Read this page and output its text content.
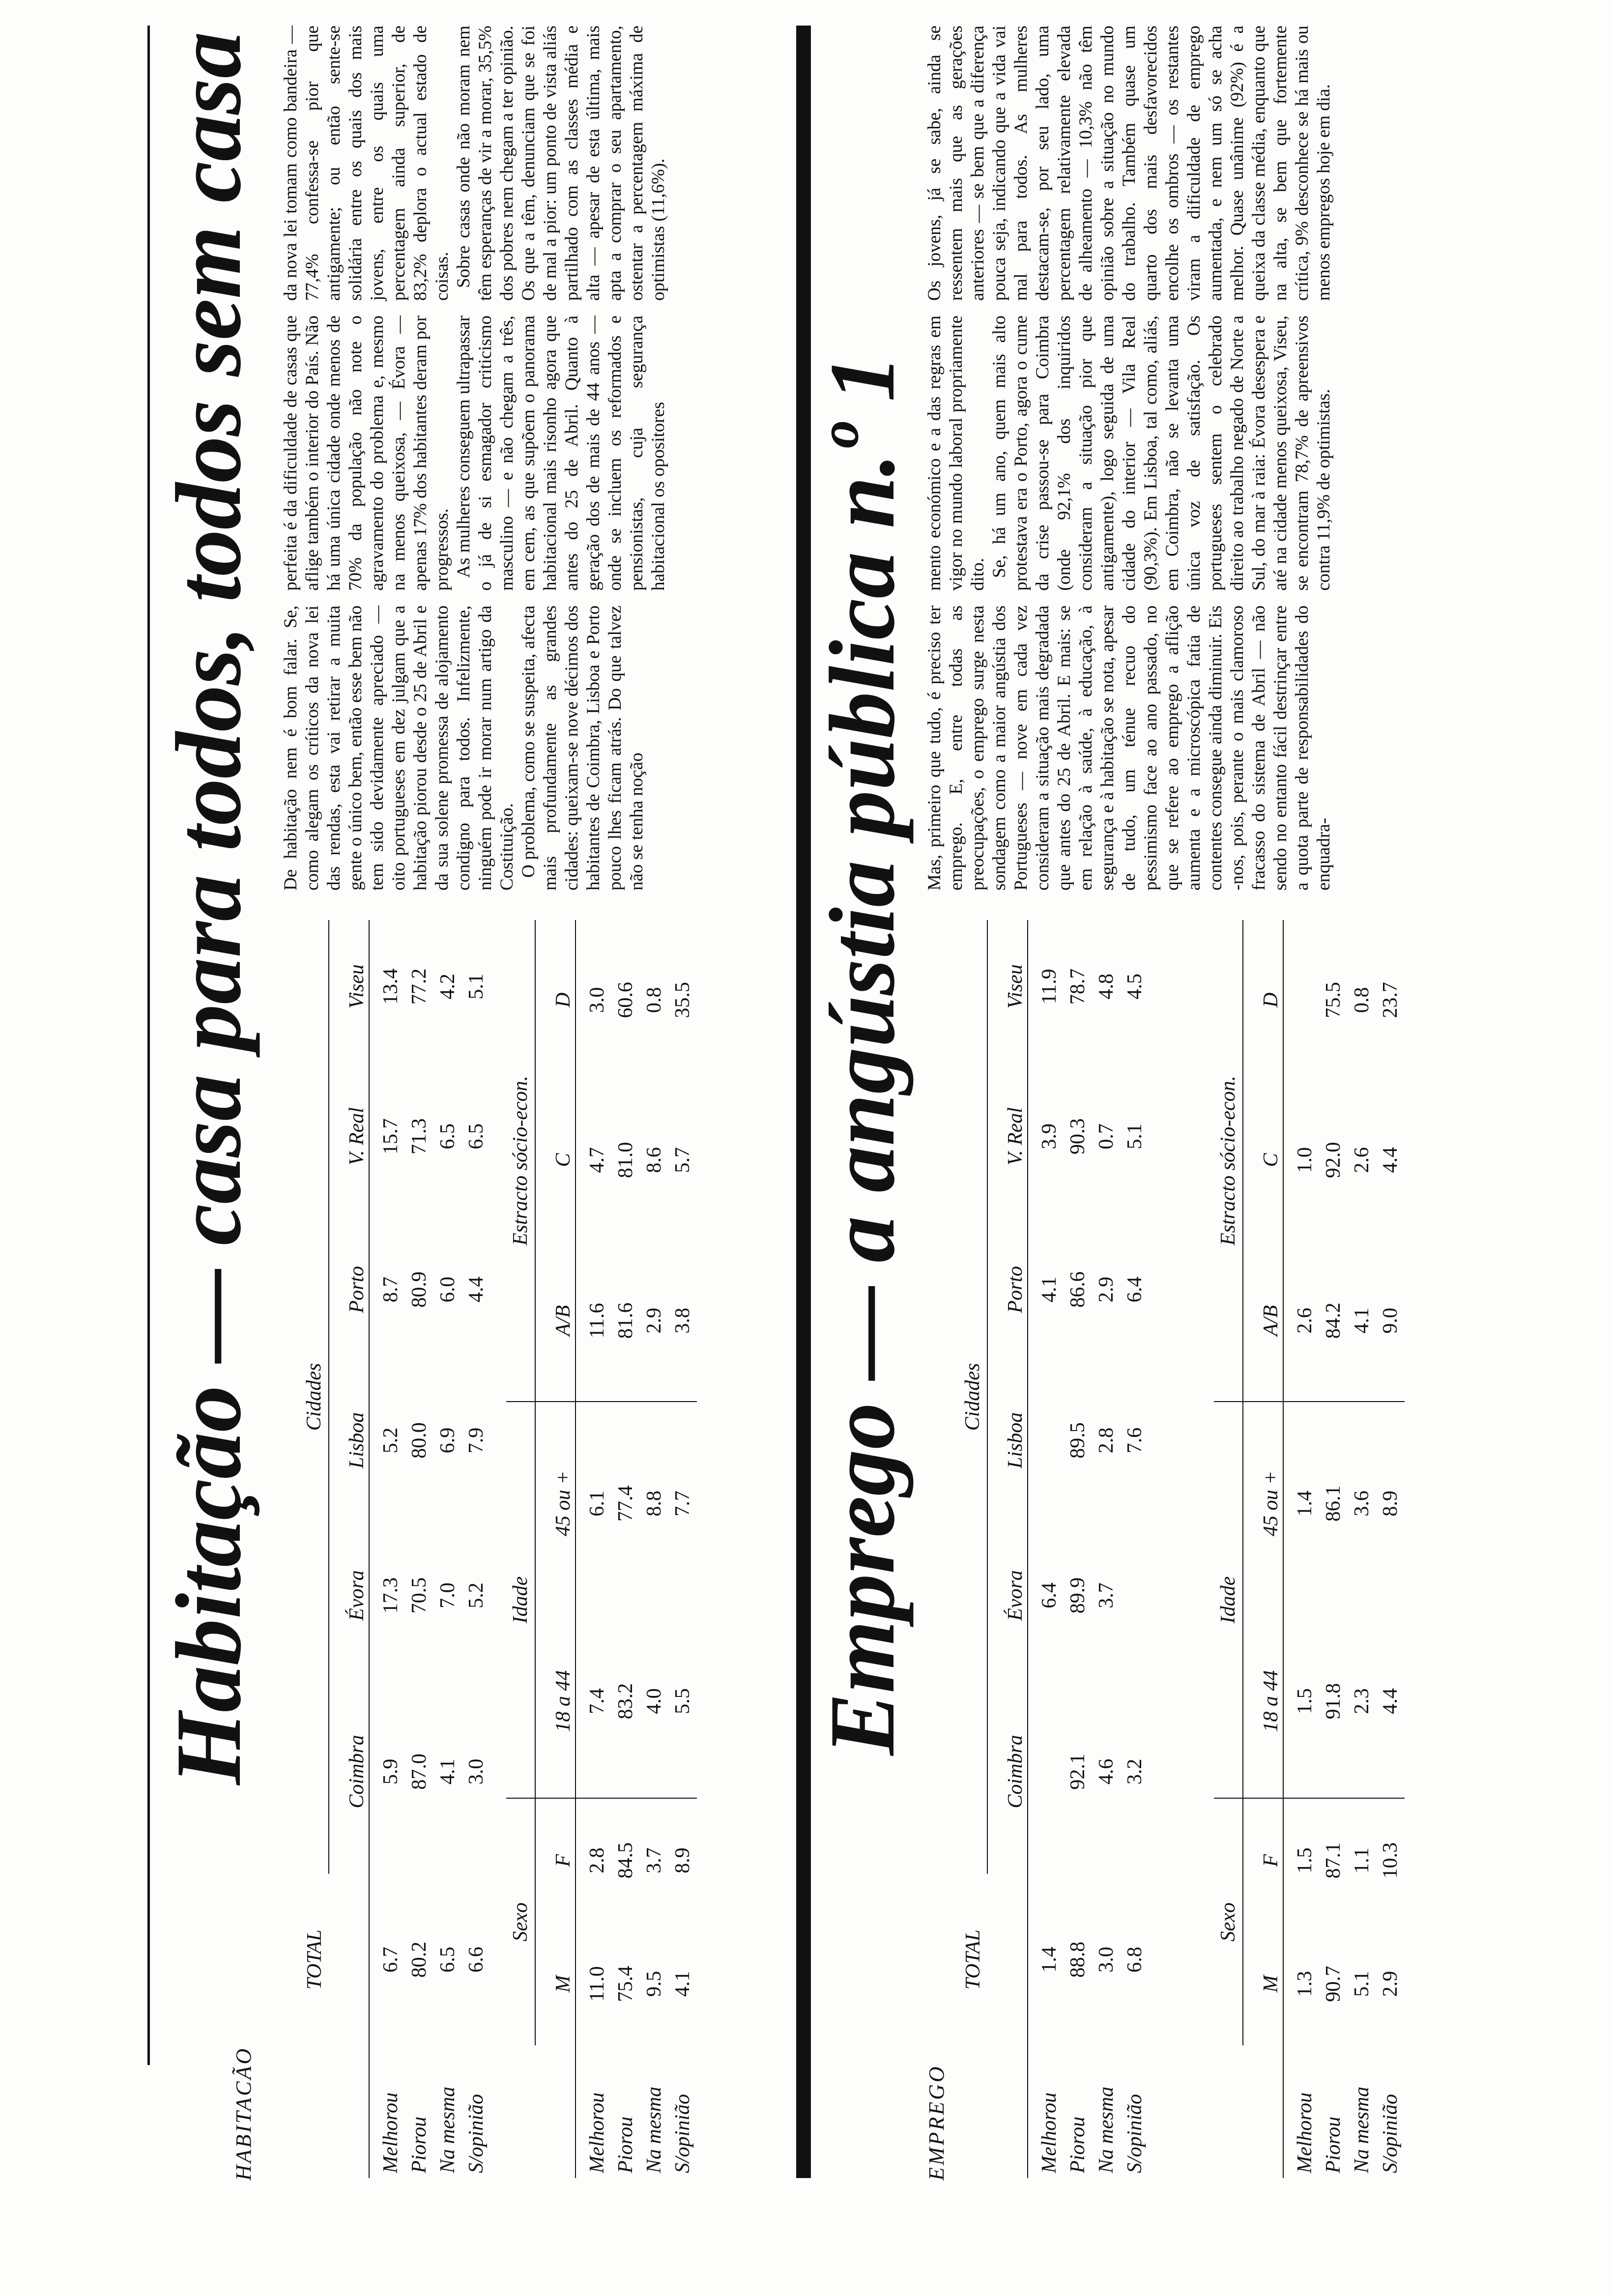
HABITACÃO
Habitação — casa para todos, todos sem casa
	TOTAL	Cidades					
		Coimbra	Évora	Lisboa	Porto	V. Real	Viseu
Melhorou	6.7	5.9	17.3	5.2	8.7	15.7	13.4
Piorou	80.2	87.0	70.5	80.0	80.9	71.3	77.2
Na mesma	6.5	4.1	7.0	6.9	6.0	6.5	4.2
S/opinião	6.6	3.0	5.2	7.9	4.4	6.5	5.1
	Sexo		Idade		Estracto sócio-econ.		
	M	F	18 a 44	45 ou +	A/B	C	D
Melhorou	11.0	2.8	7.4	6.1	11.6	4.7	3.0
Piorou	75.4	84.5	83.2	77.4	81.6	81.0	60.6
Na mesma	9.5	3.7	4.0	8.8	2.9	8.6	0.8
S/opinião	4.1	8.9	5.5	7.7	3.8	5.7	35.5

De habitação nem é bom falar. Se, como alegam os críticos da nova lei das rendas, esta vai retirar a muita gente o único bem, então esse bem não tem sido devidamente apreciado — oito portugueses em dez julgam que a habitação piorou desde o 25 de Abril e da sua solene promessa de alojamento condigno para todos. Infelizmente, ninguém pode ir morar num artigo da Costituição. O problema, como se suspeita, afecta mais profundamente as grandes cidades: queixam-se nove décimos dos habitantes de Coimbra, Lisboa e Porto pouco lhes ficam atrás. Do que talvez não se tenha noção

perfeita é da dificuldade de casas que aflige também o interior do País. Não há uma única cidade onde menos de 70% da população não note o agravamento do problema e, mesmo na menos queixosa, — Évora — apenas 17% dos habitantes deram por progressos. As mulheres conseguem ultrapassar o já de si esmagador criticismo masculino — e não chegam a três, em cem, as que supõem o panorama habitacional mais risonho agora que antes do 25 de Abril. Quanto à geração dos de mais de 44 anos — onde se incluem os reformados e pensionistas, cuja segurança habitacional os opositores

da nova lei tomam como bandeira — 77,4% confessa-se pior que antigamente; ou então sente-se solidária entre os quais dos mais jovens, entre os quais uma percentagem ainda superior, de 83,2% deplora o actual estado de coisas. Sobre casas onde não moram nem têm esperanças de vir a morar, 35,5% dos pobres nem chegam a ter opinião. Os que a têm, denunciam que se foi de mal a pior: um ponto de vista aliás partilhado com as classes média e alta — apesar de esta última, mais apta a comprar o seu apartamento, ostentar a percentagem máxima de optimistas (11,6%).

EMPREGO
Emprego — a angústia pública n.º 1
	TOTAL	Cidades					
		Coimbra	Évora	Lisboa	Porto	V. Real	Viseu
Melhorou	1.4		6.4		4.1	3.9	11.9
Piorou	88.8	92.1	89.9	89.5	86.6	90.3	78.7
Na mesma	3.0	4.6	3.7	2.8	2.9	0.7	4.8
S/opinião	6.8	3.2		7.6	6.4	5.1	4.5
	Sexo		Idade		Estracto sócio-econ.		
	M	F	18 a 44	45 ou +	A/B	C	D
Melhorou	1.3	1.5	1.5	1.4	2.6	1.0	
Piorou	90.7	87.1	91.8	86.1	84.2	92.0	75.5
Na mesma	5.1	1.1	2.3	3.6	4.1	2.6	0.8
S/opinião	2.9	10.3	4.4	8.9	9.0	4.4	23.7

Mas, primeiro que tudo, é preciso ter emprego. E, entre todas as preocupações, o emprego surge nesta sondagem como a maior angústia dos Portugueses — nove em cada vez consideram a situação mais degradada que antes do 25 de Abril. E mais: se em relação à saúde, à educação, à segurança e à habitação se nota, apesar de tudo, um ténue recuo do pessimismo face ao ano passado, no que se refere ao emprego a aflição aumenta e a microscópica fatia de contentes consegue ainda diminuir. Eis -nos, pois, perante o mais clamoroso fracasso do sistema de Abril — não sendo no entanto fácil destrinçar entre a quota parte de responsabilidades do enquadra-

mento económico e a das regras em vigor no mundo laboral propriamente dito. Se, há um ano, quem mais alto protestava era o Porto, agora o cume da crise passou-se para Coimbra (onde 92,1% dos inquiridos consideram a situação pior que antigamente), logo seguida de uma cidade do interior — Vila Real (90,3%). Em Lisboa, tal como, aliás, em Coimbra, não se levanta uma única voz de satisfação. Os portugueses sentem o celebrado direito ao trabalho negado de Norte a Sul, do mar à raia: Évora desespera e até na cidade menos queixosa, Viseu, se encontram 78,7% de apreensivos contra 11,9% de optimistas.

Os jovens, já se sabe, ainda se ressentem mais que as gerações anteriores — se bem que a diferença pouca seja, indicando que a vida vai mal para todos. As mulheres destacam-se, por seu lado, uma percentagem relativamente elevada de alheamento — 10,3% não têm opinião sobre a situação no mundo do trabalho. Também quase um quarto dos mais desfavorecidos encolhe os ombros — os restantes viram a dificuldade de emprego aumentada, e nem um só se acha melhor. Quase unânime (92%) é a queixa da classe média, enquanto que na alta, se bem que fortemente crítica, 9% desconhece se há mais ou menos empregos hoje em dia.
